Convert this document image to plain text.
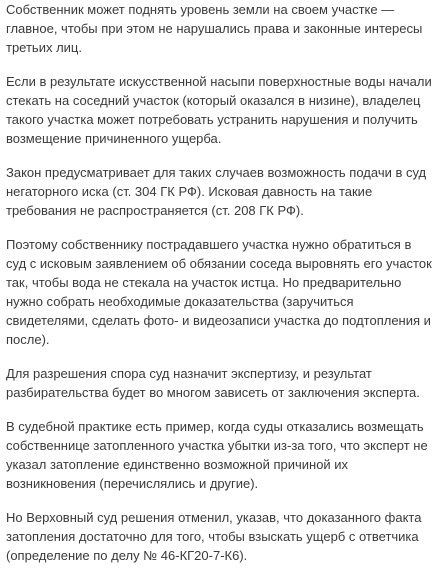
Собственник может поднять уровень земли на своем участке — главное, чтобы при этом не нарушались права и законные интересы третьих лиц.

Если в результате искусственной насыпи поверхностные воды начали стекать на соседний участок (который оказался в низине), владелец такого участка может потребовать устранить нарушения и получить возмещение причиненного ущерба.

Закон предусматривает для таких случаев возможность подачи в суд негаторного иска (ст. 304 ГК РФ). Исковая давность на такие требования не распространяется (ст. 208 ГК РФ).

Поэтому собственнику пострадавшего участка нужно обратиться в суд с исковым заявлением об обязании соседа выровнять его участок так, чтобы вода не стекала на участок истца. Но предварительно нужно собрать необходимые доказательства (заручиться свидетелями, сделать фото- и видеозаписи участка до подтопления и после).

Для разрешения спора суд назначит экспертизу, и результат разбирательства будет во многом зависеть от заключения эксперта.

В судебной практике есть пример, когда суды отказались возмещать собственнице затопленного участка убытки из-за того, что эксперт не указал затопление единственно возможной причиной их возникновения (перечислялись и другие).

Но Верховный суд решения отменил, указав, что доказанного факта затопления достаточно для того, чтобы взыскать ущерб с ответчика (определение по делу № 46-КГ20-7-К6).
